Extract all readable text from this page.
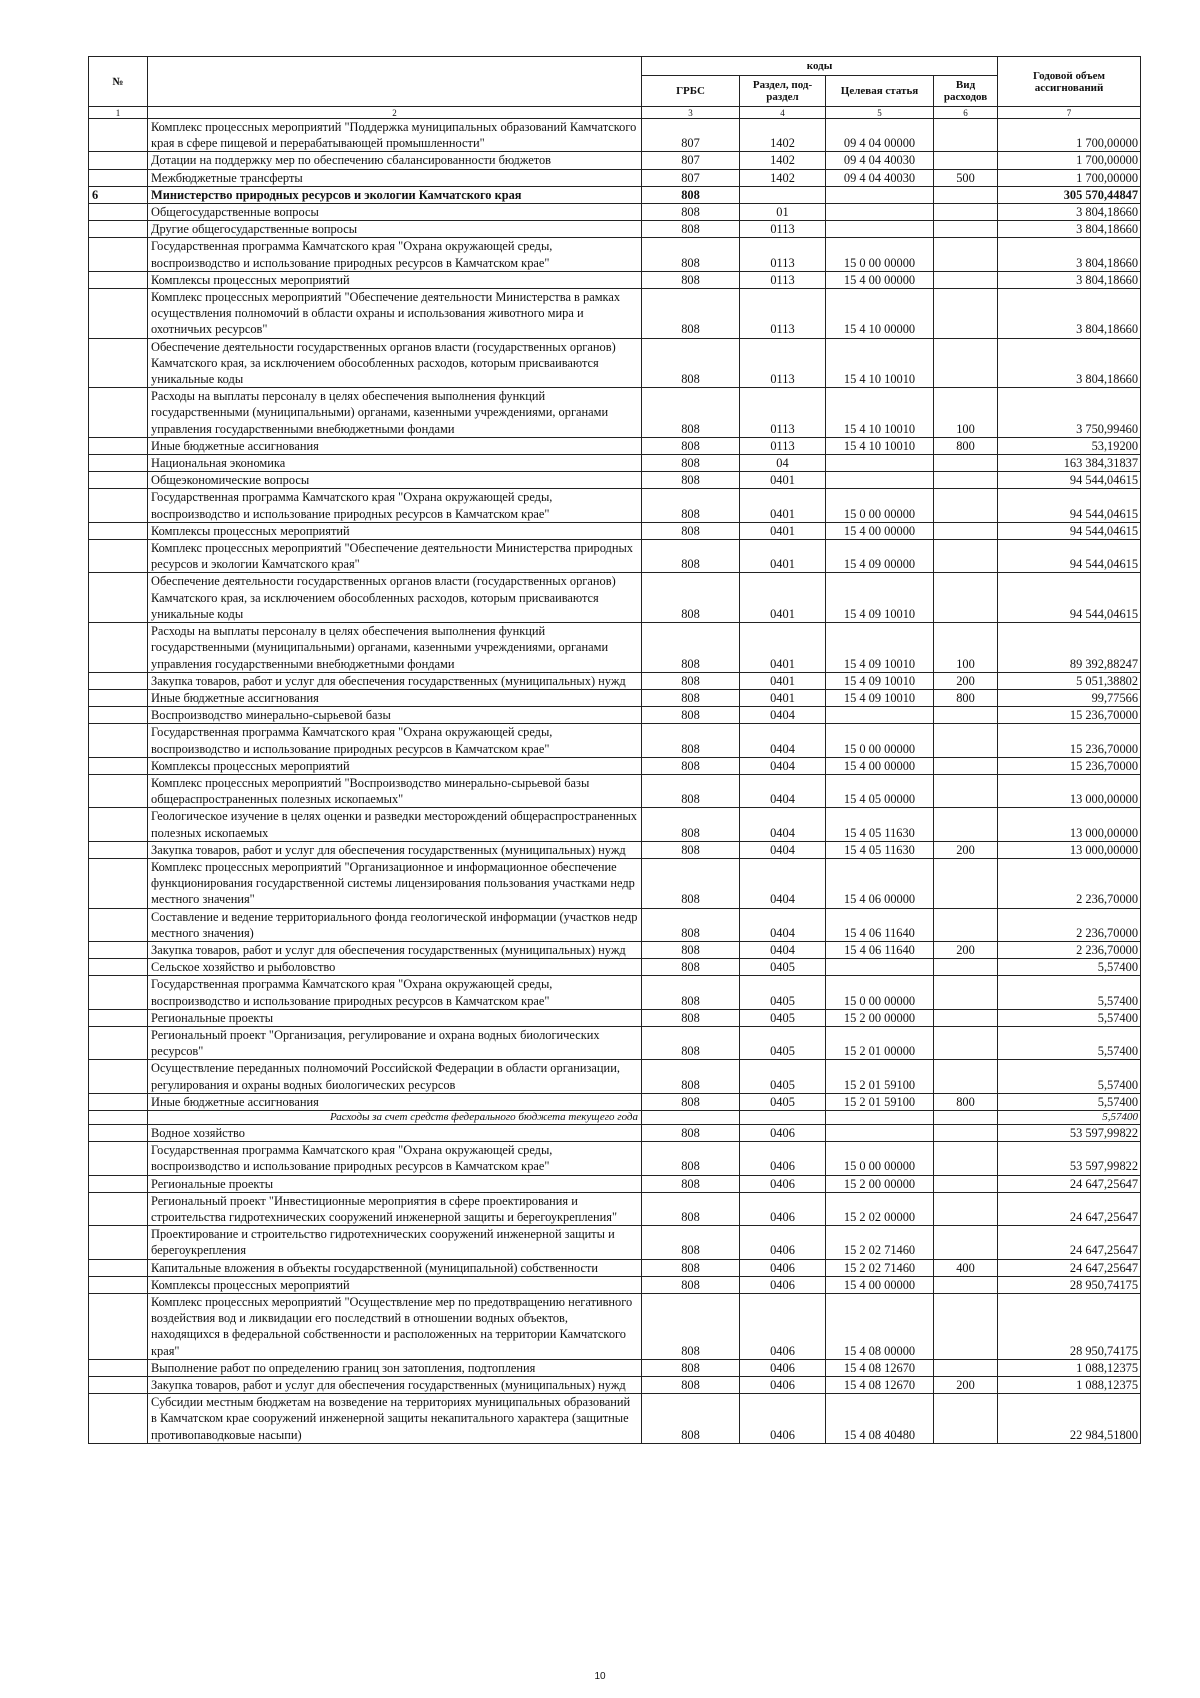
№		коды				Годовой объем ассигнований
		ГРБС	Раздел, под-раздел	Целевая статья	Вид расходов	
1	2	3	4	5	6	7
	Комплекс процессных мероприятий "Поддержка муниципальных образований Камчатского края в сфере пищевой и перерабатывающей промышленности"	807	1402	09 4 04 00000		1 700,00000
	Дотации на поддержку мер по обеспечению сбалансированности бюджетов	807	1402	09 4 04 40030		1 700,00000
	Межбюджетные трансферты	807	1402	09 4 04 40030	500	1 700,00000
6	Министерство природных ресурсов и экологии Камчатского края	808				305 570,44847
	Общегосударственные вопросы	808	01			3 804,18660
	Другие общегосударственные вопросы	808	0113			3 804,18660
	Государственная программа Камчатского края "Охрана окружающей среды, воспроизводство и использование природных ресурсов в Камчатском крае"	808	0113	15 0 00 00000		3 804,18660
	Комплексы процессных мероприятий	808	0113	15 4 00 00000		3 804,18660
	Комплекс процессных мероприятий "Обеспечение деятельности Министерства в рамках осуществления полномочий в области охраны и использования животного мира и охотничьих ресурсов"	808	0113	15 4 10 00000		3 804,18660
	Обеспечение деятельности государственных органов власти (государственных органов) Камчатского края, за исключением обособленных расходов, которым присваиваются уникальные коды	808	0113	15 4 10 10010		3 804,18660
	Расходы на выплаты персоналу в целях обеспечения выполнения функций государственными (муниципальными) органами, казенными учреждениями, органами управления государственными внебюджетными фондами	808	0113	15 4 10 10010	100	3 750,99460
	Иные бюджетные ассигнования	808	0113	15 4 10 10010	800	53,19200
	Национальная экономика	808	04			163 384,31837
	Общеэкономические вопросы	808	0401			94 544,04615
	Государственная программа Камчатского края "Охрана окружающей среды, воспроизводство и использование природных ресурсов в Камчатском крае"	808	0401	15 0 00 00000		94 544,04615
	Комплексы процессных мероприятий	808	0401	15 4 00 00000		94 544,04615
	Комплекс процессных мероприятий "Обеспечение деятельности Министерства природных ресурсов и экологии Камчатского края"	808	0401	15 4 09 00000		94 544,04615
	Обеспечение деятельности государственных органов власти (государственных органов) Камчатского края, за исключением обособленных расходов, которым присваиваются уникальные коды	808	0401	15 4 09 10010		94 544,04615
	Расходы на выплаты персоналу в целях обеспечения выполнения функций государственными (муниципальными) органами, казенными учреждениями, органами управления государственными внебюджетными фондами	808	0401	15 4 09 10010	100	89 392,88247
	Закупка товаров, работ и услуг для обеспечения государственных (муниципальных) нужд	808	0401	15 4 09 10010	200	5 051,38802
	Иные бюджетные ассигнования	808	0401	15 4 09 10010	800	99,77566
	Воспроизводство минерально-сырьевой базы	808	0404			15 236,70000
	Государственная программа Камчатского края "Охрана окружающей среды, воспроизводство и использование природных ресурсов в Камчатском крае"	808	0404	15 0 00 00000		15 236,70000
	Комплексы процессных мероприятий	808	0404	15 4 00 00000		15 236,70000
	Комплекс процессных мероприятий "Воспроизводство минерально-сырьевой базы общераспространенных полезных ископаемых"	808	0404	15 4 05 00000		13 000,00000
	Геологическое изучение в целях оценки и разведки месторождений общераспространенных полезных ископаемых	808	0404	15 4 05 11630		13 000,00000
	Закупка товаров, работ и услуг для обеспечения государственных (муниципальных) нужд	808	0404	15 4 05 11630	200	13 000,00000
	Комплекс процессных мероприятий "Организационное и информационное обеспечение функционирования государственной системы лицензирования пользования участками недр местного значения"	808	0404	15 4 06 00000		2 236,70000
	Составление и ведение территориального фонда геологической информации (участков недр местного значения)	808	0404	15 4 06 11640		2 236,70000
	Закупка товаров, работ и услуг для обеспечения государственных (муниципальных) нужд	808	0404	15 4 06 11640	200	2 236,70000
	Сельское хозяйство и рыболовство	808	0405			5,57400
	Государственная программа Камчатского края "Охрана окружающей среды, воспроизводство и использование природных ресурсов в Камчатском крае"	808	0405	15 0 00 00000		5,57400
	Региональные проекты	808	0405	15 2 00 00000		5,57400
	Региональный проект "Организация, регулирование и охрана водных биологических ресурсов"	808	0405	15 2 01 00000		5,57400
	Осуществление переданных полномочий Российской Федерации в области организации, регулирования и охраны водных биологических ресурсов	808	0405	15 2 01 59100		5,57400
	Иные бюджетные ассигнования	808	0405	15 2 01 59100	800	5,57400
	Расходы за счет средств федерального бюджета текущего года					5,57400
	Водное хозяйство	808	0406			53 597,99822
	Государственная программа Камчатского края "Охрана окружающей среды, воспроизводство и использование природных ресурсов в Камчатском крае"	808	0406	15 0 00 00000		53 597,99822
	Региональные проекты	808	0406	15 2 00 00000		24 647,25647
	Региональный проект "Инвестиционные мероприятия в сфере проектирования и строительства гидротехнических сооружений инженерной защиты и берегоукрепления"	808	0406	15 2 02 00000		24 647,25647
	Проектирование и строительство гидротехнических сооружений инженерной защиты и берегоукрепления	808	0406	15 2 02 71460		24 647,25647
	Капитальные вложения в объекты государственной (муниципальной) собственности	808	0406	15 2 02 71460	400	24 647,25647
	Комплексы процессных мероприятий	808	0406	15 4 00 00000		28 950,74175
	Комплекс процессных мероприятий "Осуществление мер по предотвращению негативного воздействия вод и ликвидации его последствий в отношении водных объектов, находящихся в федеральной собственности и расположенных на территории Камчатского края"	808	0406	15 4 08 00000		28 950,74175
	Выполнение работ по определению границ зон затопления, подтопления	808	0406	15 4 08 12670		1 088,12375
	Закупка товаров, работ и услуг для обеспечения государственных (муниципальных) нужд	808	0406	15 4 08 12670	200	1 088,12375
	Субсидии местным бюджетам на возведение на территориях муниципальных образований в Камчатском крае сооружений инженерной защиты некапитального характера (защитные противопаводковые насыпи)	808	0406	15 4 08 40480		22 984,51800
10
